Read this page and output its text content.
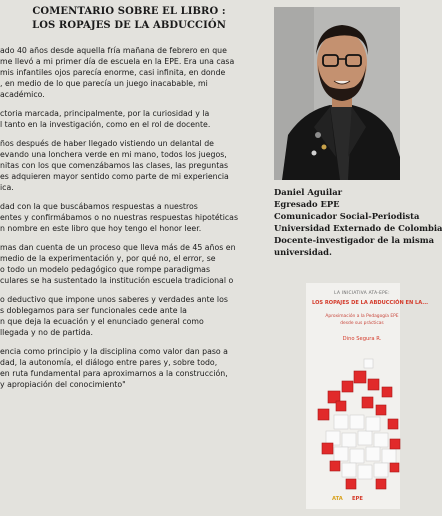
COMENTARIO SOBRE EL LIBRO :
LOS ROPAJES DE LA ABDUCCIÓN
ado 40 años desde aquella fría mañana de febrero en que
me llevó a mi primer día de escuela en la EPE. Era una casa
mis infantiles ojos parecía enorme, casi infinita, en donde
, en medio de lo que parecía un juego inacabable, mi
académico.
ctoria marcada, principalmente, por la curiosidad y la
l tanto en la investigación, como en el rol de docente.
ños después de haber llegado vistiendo un delantal de
evando una lonchera verde en mi mano, todos los juegos,
nitas con los que comenzábamos las clases, las preguntas
es adquieren mayor sentido como parte de mi experiencia
ica.
dad con la que buscábamos respuestas a nuestros
entes y confirmábamos o no nuestras respuestas hipotéticas
n nombre en este libro que hoy tengo el honor leer.
mas dan cuenta de un proceso que lleva más de 45 años en
medio de la experimentación y, por qué no, el error, se
o todo un modelo pedagógico que rompe paradigmas
culares se ha sustentado la institución escuela tradicional o
o deductivo que impone unos saberes y verdades ante los
s doblegamos para ser funcionales cede ante la
n que deja la ecuación y el enunciado general como
llegada y no de partida.
encia como principio y la disciplina como valor dan paso a
dad, la autonomía, el diálogo entre pares y, sobre todo,
en ruta fundamental para aproximarnos a la construcción,
y apropiación del conocimiento"
Daniel Aguilar
Egresado EPE
Comunicador Social-Periodista
Universidad Externado de Colombia
Docente-investigador de la misma
universidad.
LA INICIATIVA ATA-EPE:
LOS ROPAJES DE LA ABDUCCIÓN EN LA...
Aproximación a la Pedagogía EPE
desde sus prácticas
Dino Segura R.
ATA	EPE
